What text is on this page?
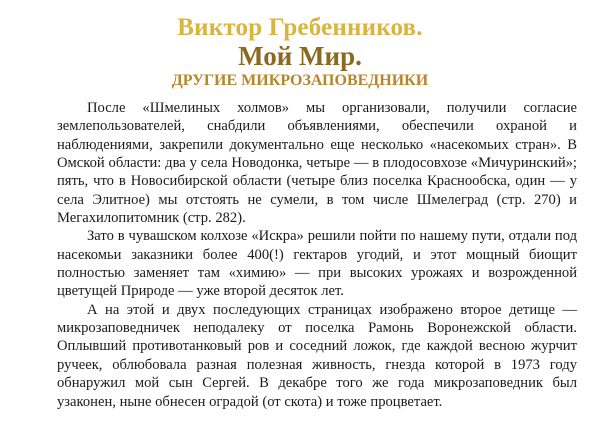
Виктор Гребенников.
Мой Мир.
ДРУГИЕ МИКРОЗАПОВЕДНИКИ

После «Шмелиных холмов» мы организовали, получили согласие землепользователей, снабдили объявлениями, обеспечили охраной и наблюдениями, закрепили документально еще несколько «насекомьих стран». В Омской области: два у села Новодонка, четыре — в плодосовхозе «Мичуринский»; пять, что в Новосибирской области (четыре близ поселка Краснообска, один — у села Элитное) мы отстоять не сумели, в том числе Шмелеград (стр. 270) и Мегахилопитомник (стр. 282).

Зато в чувашском колхозе «Искра» решили пойти по нашему пути, отдали под насекомьи заказники более 400(!) гектаров угодий, и этот мощный биощит полностью заменяет там «химию» — при высоких урожаях и возрожденной цветущей Природе — уже второй десяток лет.

А на этой и двух последующих страницах изображено второе детище — микрозаповедничек неподалеку от поселка Рамонь Воронежской области. Оплывший противотанковый ров и соседний ложок, где каждой весною журчит ручеек, облюбовала разная полезная живность, гнезда которой в 1973 году обнаружил мой сын Сергей. В декабре того же года микрозаповедник был узаконен, ныне обнесен оградой (от скота) и тоже процветает.
